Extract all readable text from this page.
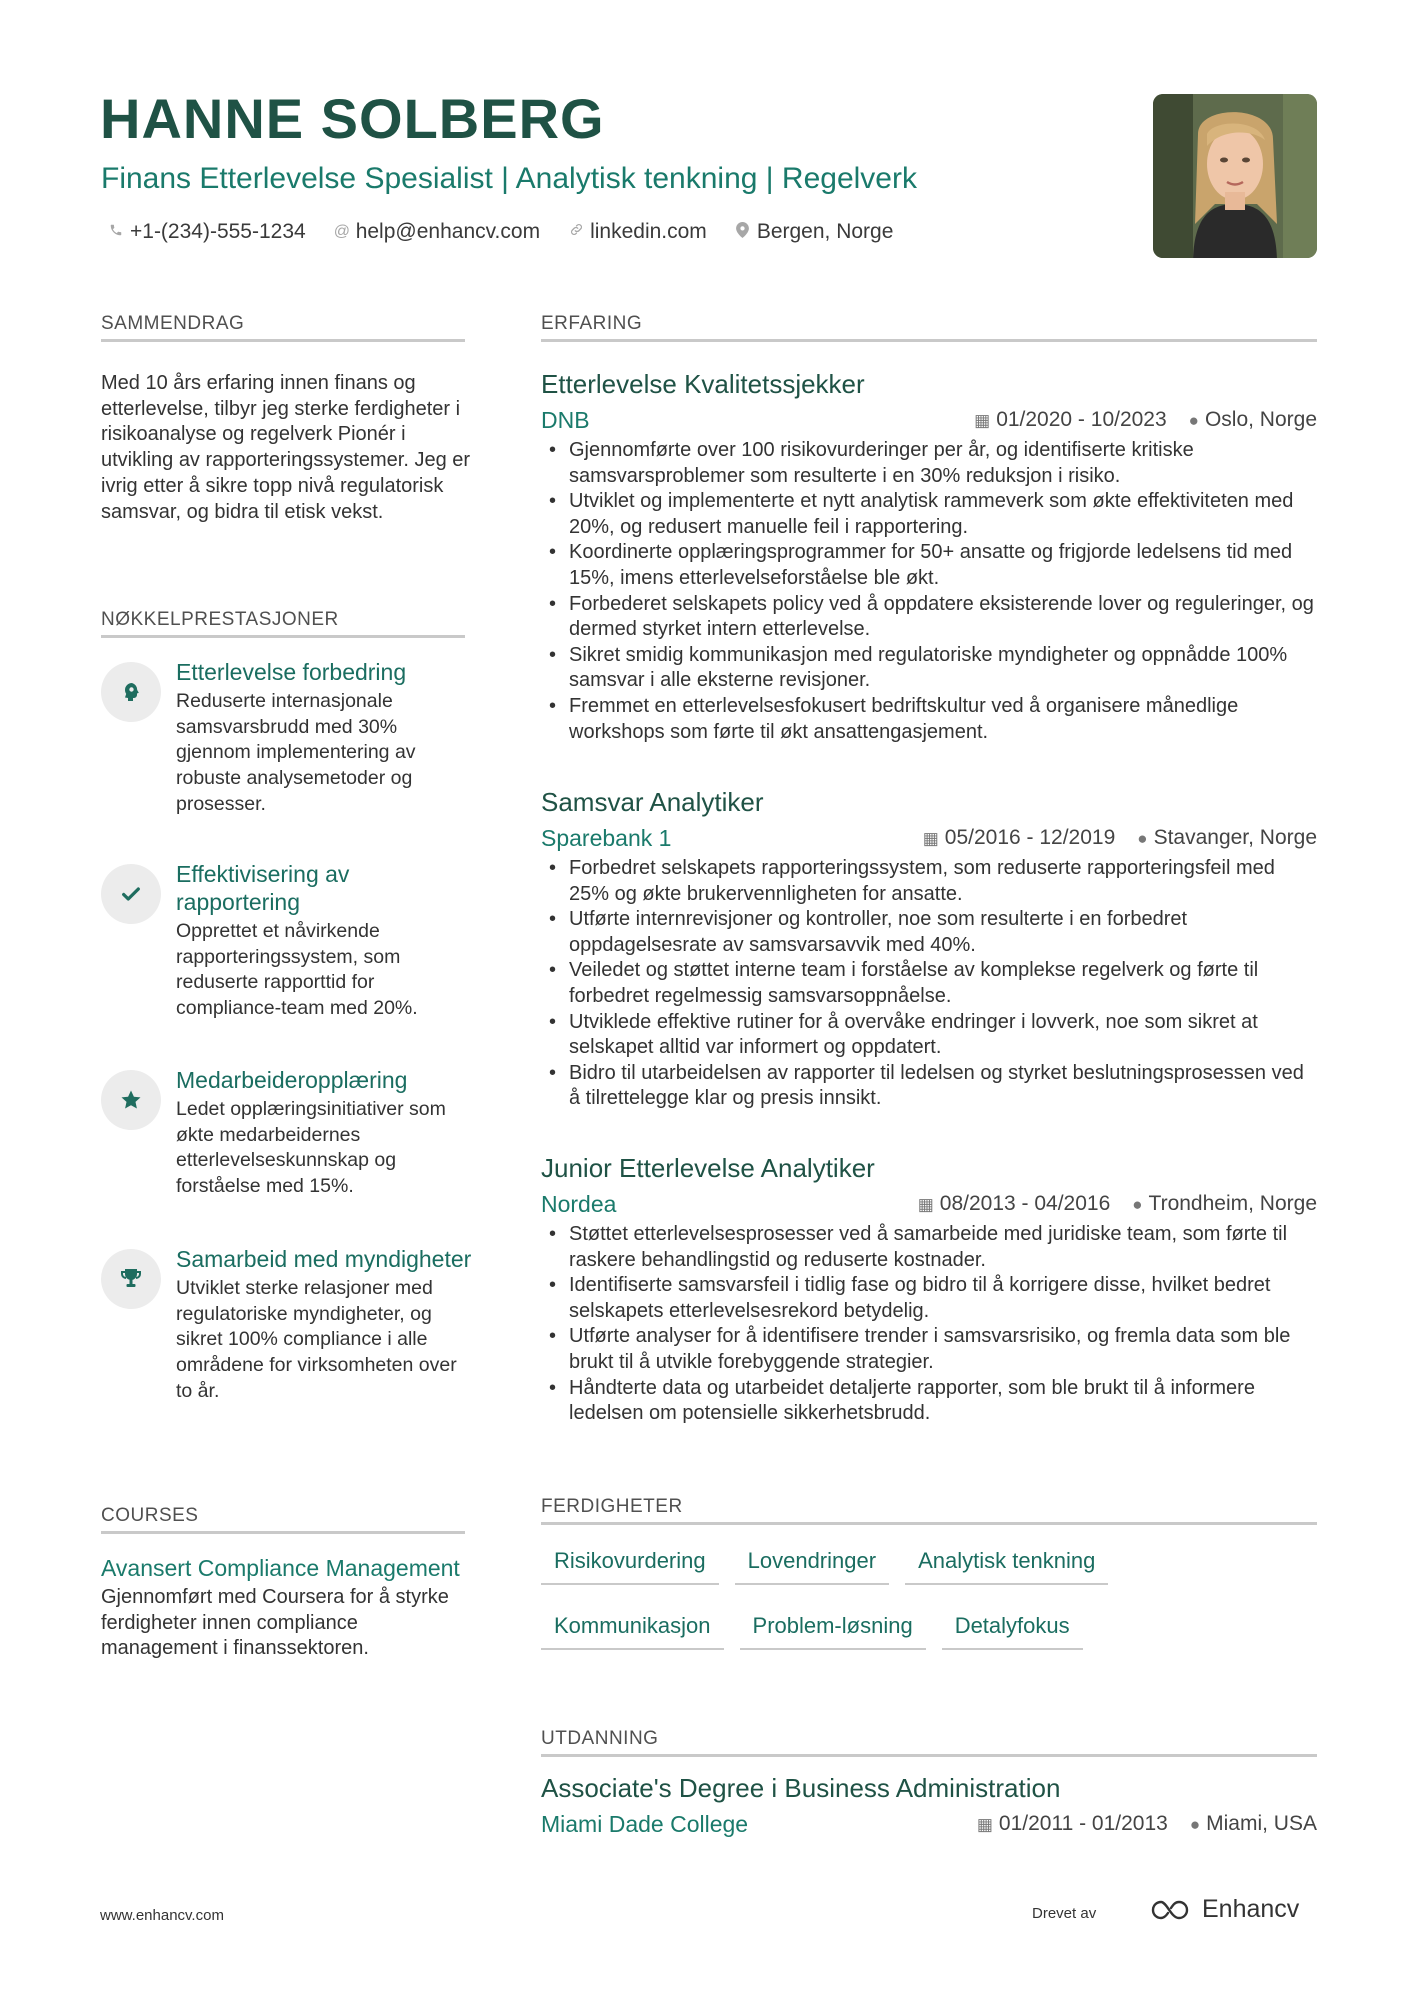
HANNE SOLBERG
Finans Etterlevelse Spesialist | Analytisk tenkning | Regelverk
+1-(234)-555-1234 @ help@enhancv.com linkedin.com Bergen, Norge
SAMMENDRAG
Med 10 års erfaring innen finans og etterlevelse, tilbyr jeg sterke ferdigheter i risikoanalyse og regelverk Pionér i utvikling av rapporteringssystemer. Jeg er ivrig etter å sikre topp nivå regulatorisk samsvar, og bidra til etisk vekst.
NØKKELPRESTASJONER
Etterlevelse forbedring
Reduserte internasjonale samsvarsbrudd med 30% gjennom implementering av robuste analysemetoder og prosesser.
Effektivisering av rapportering
Opprettet et nåvirkende rapporteringssystem, som reduserte rapporttid for compliance-team med 20%.
Medarbeideropplæring
Ledet opplæringsinitiativer som økte medarbeidernes etterlevelseskunnskap og forståelse med 15%.
Samarbeid med myndigheter
Utviklet sterke relasjoner med regulatoriske myndigheter, og sikret 100% compliance i alle områdene for virksomheten over to år.
COURSES
Avansert Compliance Management
Gjennomført med Coursera for å styrke ferdigheter innen compliance management i finanssektoren.
ERFARING
Etterlevelse Kvalitetssjekker
DNB	▦ 01/2020 - 10/2023 ● Oslo, Norge
• Gjennomførte over 100 risikovurderinger per år, og identifiserte kritiske samsvarsproblemer som resulterte i en 30% reduksjon i risiko.
• Utviklet og implementerte et nytt analytisk rammeverk som økte effektiviteten med 20%, og redusert manuelle feil i rapportering.
• Koordinerte opplæringsprogrammer for 50+ ansatte og frigjorde ledelsens tid med 15%, imens etterlevelseforståelse ble økt.
• Forbederet selskapets policy ved å oppdatere eksisterende lover og reguleringer, og dermed styrket intern etterlevelse.
• Sikret smidig kommunikasjon med regulatoriske myndigheter og oppnådde 100% samsvar i alle eksterne revisjoner.
• Fremmet en etterlevelsesfokusert bedriftskultur ved å organisere månedlige workshops som førte til økt ansattengasjement.
Samsvar Analytiker
Sparebank 1	▦ 05/2016 - 12/2019 ● Stavanger, Norge
• Forbedret selskapets rapporteringssystem, som reduserte rapporteringsfeil med 25% og økte brukervennligheten for ansatte.
• Utførte internrevisjoner og kontroller, noe som resulterte i en forbedret oppdagelsesrate av samsvarsavvik med 40%.
• Veiledet og støttet interne team i forståelse av komplekse regelverk og førte til forbedret regelmessig samsvarsoppnåelse.
• Utviklede effektive rutiner for å overvåke endringer i lovverk, noe som sikret at selskapet alltid var informert og oppdatert.
• Bidro til utarbeidelsen av rapporter til ledelsen og styrket beslutningsprosessen ved å tilrettelegge klar og presis innsikt.
Junior Etterlevelse Analytiker
Nordea	▦ 08/2013 - 04/2016 ● Trondheim, Norge
• Støttet etterlevelsesprosesser ved å samarbeide med juridiske team, som førte til raskere behandlingstid og reduserte kostnader.
• Identifiserte samsvarsfeil i tidlig fase og bidro til å korrigere disse, hvilket bedret selskapets etterlevelsesrekord betydelig.
• Utførte analyser for å identifisere trender i samsvarsrisiko, og fremla data som ble brukt til å utvikle forebyggende strategier.
• Håndterte data og utarbeidet detaljerte rapporter, som ble brukt til å informere ledelsen om potensielle sikkerhetsbrudd.
FERDIGHETER
Risikovurdering	Lovendringer	Analytisk tenkning
Kommunikasjon	Problem-løsning	Detalyfokus
UTDANNING
Associate's Degree i Business Administration
Miami Dade College	▦ 01/2011 - 01/2013 ● Miami, USA
www.enhancv.com	Drevet av	Enhancv
